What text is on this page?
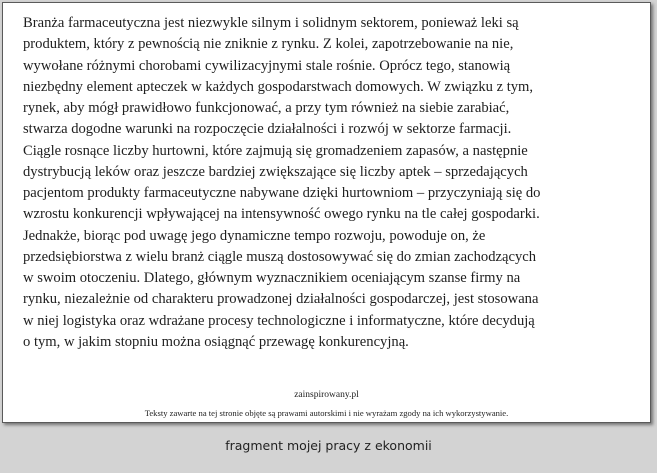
Branża farmaceutyczna jest niezwykle silnym i solidnym sektorem, ponieważ leki są
produktem, który z pewnością nie zniknie z rynku. Z kolei, zapotrzebowanie na nie,
wywołane różnymi chorobami cywilizacyjnymi stale rośnie. Oprócz tego, stanowią
niezbędny element apteczek w każdych gospodarstwach domowych. W związku z tym,
rynek, aby mógł prawidłowo funkcjonować, a przy tym również na siebie zarabiać,
stwarza dogodne warunki na rozpoczęcie działalności i rozwój w sektorze farmacji.
Ciągle rosnące liczby hurtowni, które zajmują się gromadzeniem zapasów, a następnie
dystrybucją leków oraz jeszcze bardziej zwiększające się liczby aptek – sprzedających
pacjentom produkty farmaceutyczne nabywane dzięki hurtowniom – przyczyniają się do
wzrostu konkurencji wpływającej na intensywność owego rynku na tle całej gospodarki.
Jednakże, biorąc pod uwagę jego dynamiczne tempo rozwoju, powoduje on, że
przedsiębiorstwa z wielu branż ciągle muszą dostosowywać się do zmian zachodzących
w swoim otoczeniu. Dlatego, głównym wyznacznikiem oceniającym szanse firmy na
rynku, niezależnie od charakteru prowadzonej działalności gospodarczej, jest stosowana
w niej logistyka oraz wdrażane procesy technologiczne i informatyczne, które decydują
o tym, w jakim stopniu można osiągnąć przewagę konkurencyjną.

zainspirowany.pl
Teksty zawarte na tej stronie objęte są prawami autorskimi i nie wyrażam zgody na ich wykorzystywanie.
fragment mojej pracy z ekonomii
